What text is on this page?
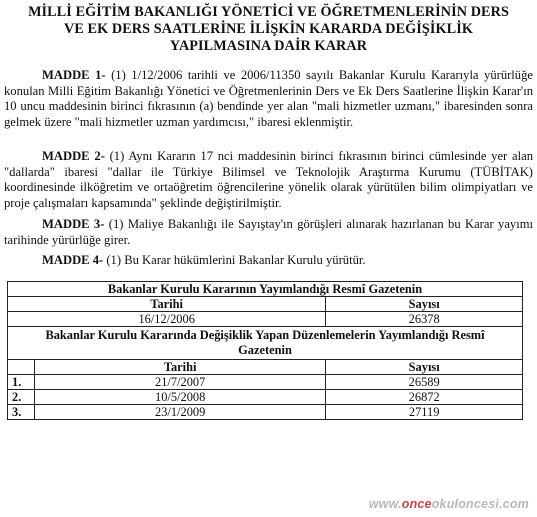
MİLLİ EĞİTİM BAKANLIĞI YÖNETİCİ VE ÖĞRETMENLERİNİN DERS
VE EK DERS SAATLERİNE İLİŞKİN KARARDA DEĞİŞİKLİK
YAPILMASINA DAİR KARAR
MADDE 1- (1) 1/12/2006 tarihli ve 2006/11350 sayılı Bakanlar Kurulu Kararıyla yürürlüğe konulan Milli Eğitim Bakanlığı Yönetici ve Öğretmenlerinin Ders ve Ek Ders Saatlerine İlişkin Karar'ın 10 uncu maddesinin birinci fıkrasının (a) bendinde yer alan "mali hizmetler uzmanı," ibaresinden sonra gelmek üzere "mali hizmetler uzman yardımcısı," ibaresi eklenmiştir.
MADDE 2- (1) Aynı Kararın 17 nci maddesinin birinci fıkrasının birinci cümlesinde yer alan "dallarda" ibaresi "dallar ile Türkiye Bilimsel ve Teknolojik Araştırma Kurumu (TÜBİTAK) koordinesinde ilköğretim ve ortaöğretim öğrencilerine yönelik olarak yürütülen bilim olimpiyatları ve proje çalışmaları kapsamında" şeklinde değiştirilmiştir.
MADDE 3- (1) Maliye Bakanlığı ile Sayıştay'ın görüşleri alınarak hazırlanan bu Karar yayımı tarihinde yürürlüğe girer.
MADDE 4- (1) Bu Karar hükümlerini Bakanlar Kurulu yürütür.
Bakanlar Kurulu Kararının Yayımlandığı Resmî Gazetenin		
Tarihi		Sayısı
16/12/2006		26378
Bakanlar Kurulu Kararında Değişiklik Yapan Düzenlemelerin Yayımlandığı Resmî Gazetenin		
	Tarihi	Sayısı
1.	21/7/2007	26589
2.	10/5/2008	26872
3.	23/1/2009	27119
www.onceokuloncesi.com
